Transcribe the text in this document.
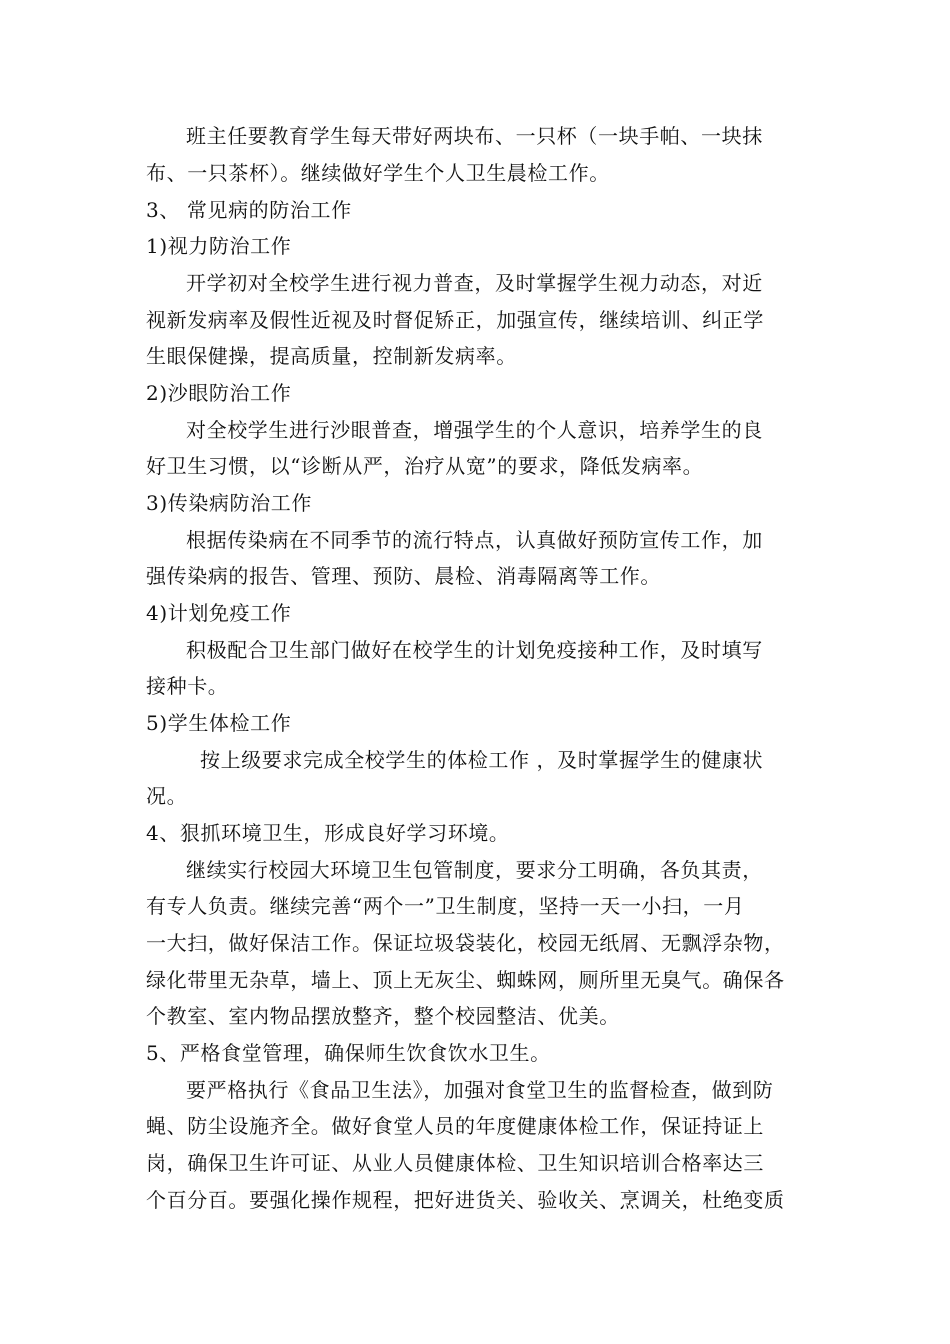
班主任要教育学生每天带好两块布、一只杯（一块手帕、一块抹
布、一只茶杯）。继续做好学生个人卫生晨检工作。
3、 常见病的防治工作
1)视力防治工作
开学初对全校学生进行视力普查，及时掌握学生视力动态，对近
视新发病率及假性近视及时督促矫正，加强宣传，继续培训、纠正学
生眼保健操，提高质量，控制新发病率。
2)沙眼防治工作
对全校学生进行沙眼普查，增强学生的个人意识，培养学生的良
好卫生习惯，以“诊断从严，治疗从宽”的要求，降低发病率。
3)传染病防治工作
根据传染病在不同季节的流行特点，认真做好预防宣传工作，加
强传染病的报告、管理、预防、晨检、消毒隔离等工作。
4)计划免疫工作
积极配合卫生部门做好在校学生的计划免疫接种工作，及时填写
接种卡。
5)学生体检工作
按上级要求完成全校学生的体检工作 ，及时掌握学生的健康状
况。
4、狠抓环境卫生，形成良好学习环境。
继续实行校园大环境卫生包管制度，要求分工明确，各负其责，
有专人负责。继续完善“两个一”卫生制度，坚持一天一小扫，一月
一大扫，做好保洁工作。保证垃圾袋装化，校园无纸屑、无飘浮杂物，
绿化带里无杂草，墙上、顶上无灰尘、蜘蛛网，厕所里无臭气。确保各
个教室、室内物品摆放整齐，整个校园整洁、优美。
5、严格食堂管理，确保师生饮食饮水卫生。
要严格执行《食品卫生法》，加强对食堂卫生的监督检查，做到防
蝇、防尘设施齐全。做好食堂人员的年度健康体检工作，保证持证上
岗，确保卫生许可证、从业人员健康体检、卫生知识培训合格率达三
个百分百。要强化操作规程，把好进货关、验收关、烹调关，杜绝变质
